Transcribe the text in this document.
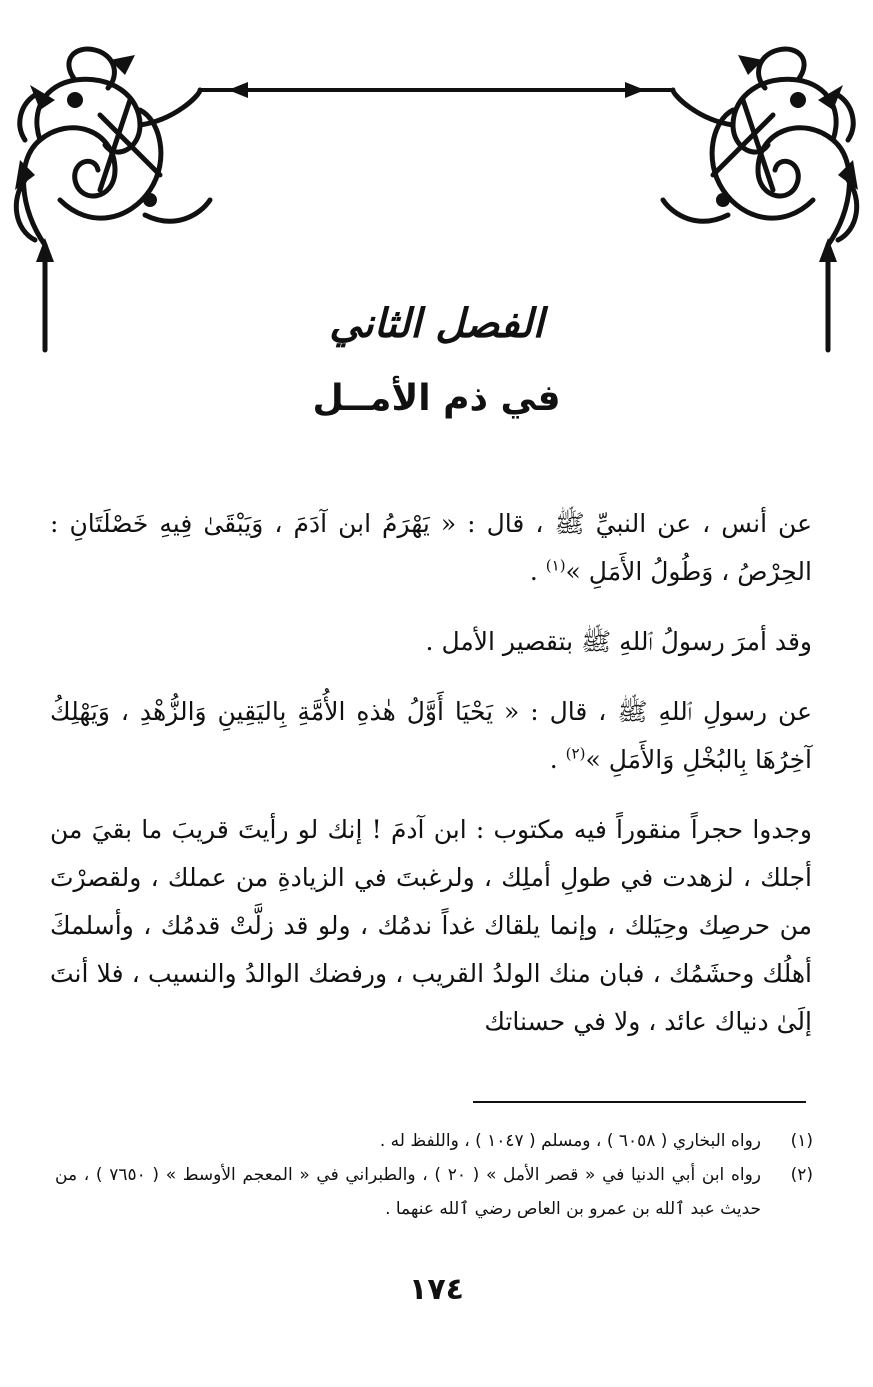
الفصل الثاني
في ذم الأمــل

عن أنس ، عن النبيِّ ﷺ ، قال : « يَهْرَمُ ابن آدَمَ ، وَيَبْقَىٰ فِيهِ خَصْلَتَانِ : الحِرْصُ ، وَطُولُ الأَمَلِ »$^{(١)}$ .

وقد أمرَ رسولُ ٱللهِ ﷺ بتقصير الأمل .

عن رسولِ ٱللهِ ﷺ ، قال : « يَحْيَا أَوَّلُ هٰذهِ الأُمَّةِ بِاليَقِينِ وَالزُّهْدِ ، وَيَهْلِكُ آخِرُهَا بِالبُخْلِ وَالأَمَلِ »$^{(٢)}$ .

وجدوا حجراً منقوراً فيه مكتوب : ابن آدمَ ! إنك لو رأيتَ قريبَ ما بقيَ من أجلك ، لزهدت في طولِ أملِك ، ولرغبتَ في الزيادةِ من عملك ، ولقصرْتَ من حرصِك وحِيَلك ، وإنما يلقاك غداً ندمُك ، ولو قد زلَّتْ قدمُك ، وأسلمكَ أهلُك وحشَمُك ، فبان منك الولدُ القريب ، ورفضك الوالدُ والنسيب ، فلا أنتَ إلَىٰ دنياك عائد ، ولا في حسناتك

(١)
رواه البخاري ( ٦٠٥٨ ) ، ومسلم ( ١٠٤٧ ) ، واللفظ له .
(٢)
رواه ابن أبي الدنيا في « قصر الأمل » ( ٢٠ ) ، والطبراني في « المعجم الأوسط » ( ٧٦٥٠ ) ، من حديث عبد ٱلله بن عمرو بن العاص رضي ٱلله عنهما .
١٧٤
